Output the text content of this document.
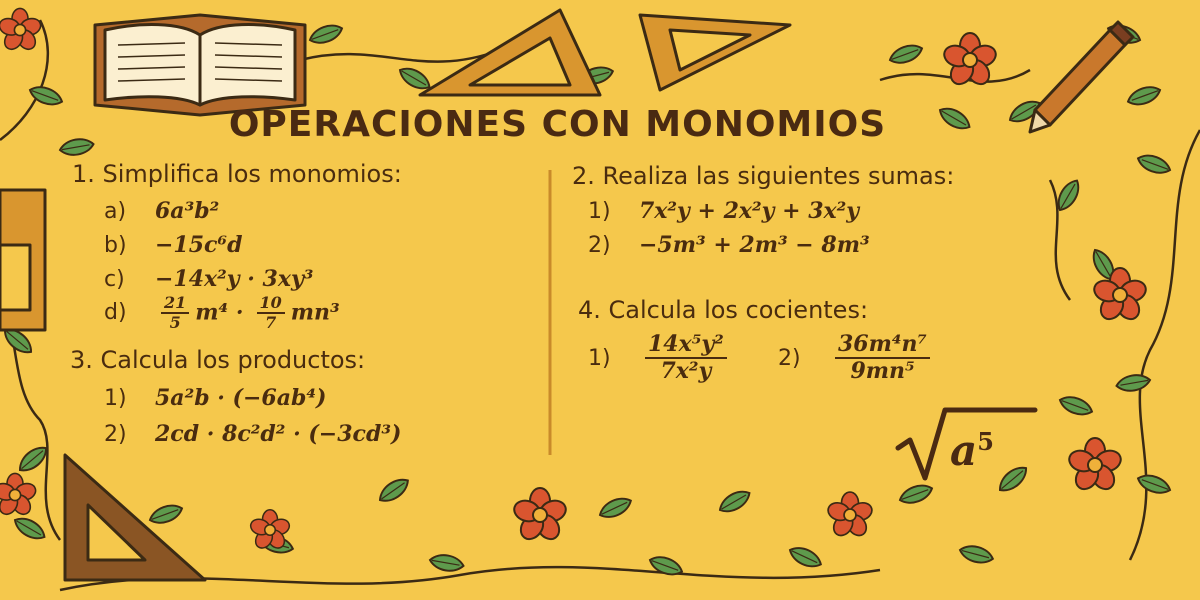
OPERACIONES CON MONOMIOS
1. Simplifica los monomios:
a) 6a³b²
b) −15c⁶d
c) −14x²y · 3xy³
$d) \frac{21}{5} m^4 \cdot \frac{10}{7} mn^3$
3. Calcula los productos:
1) 5a²b · (−6ab⁴)
2) 2cd · 8c²d² · (−3cd³)
2. Realiza las siguientes sumas:
1) 7x²y + 2x²y + 3x²y
2) −5m³ + 2m³ − 8m³
4. Calcula los cocientes:
$1) \frac{\text{14x⁵y²}}{\text{7x²y}} 2) \frac{\text{36m⁴n⁷}}{\text{9mn⁵}}$
$a^5$
